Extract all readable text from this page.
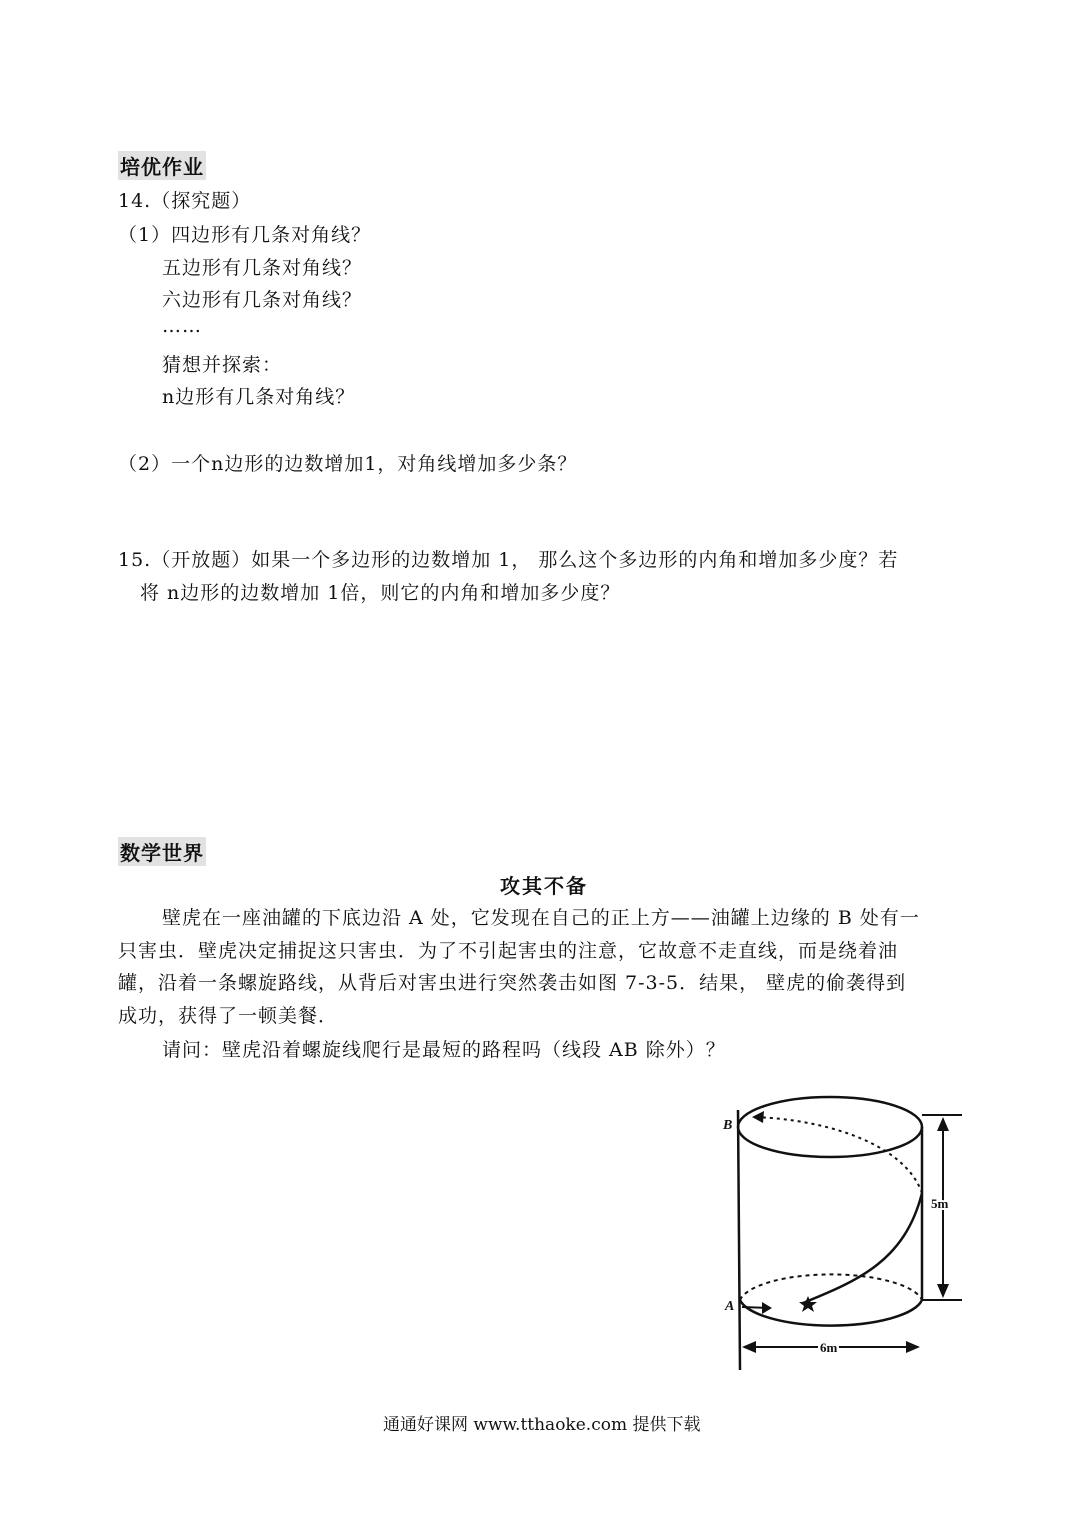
培优作业
14.（探究题）
（1）四边形有几条对角线？
五边形有几条对角线？
六边形有几条对角线？
……
猜想并探索：
n边形有几条对角线？
（2）一个n边形的边数增加1，对角线增加多少条？
15.（开放题）如果一个多边形的边数增加 1， 那么这个多边形的内角和增加多少度？若
将 n边形的边数增加 1倍，则它的内角和增加多少度？
数学世界
攻其不备
壁虎在一座油罐的下底边沿 A 处，它发现在自己的正上方——油罐上边缘的 B 处有一
只害虫．壁虎决定捕捉这只害虫．为了不引起害虫的注意，它故意不走直线，而是绕着油
罐，沿着一条螺旋路线，从背后对害虫进行突然袭击如图 7-3-5．结果， 壁虎的偷袭得到
成功，获得了一顿美餐．
请问：壁虎沿着螺旋线爬行是最短的路程吗（线段 AB 除外）？
B
A
5m
6m
通通好课网 www.tthaoke.com 提供下载
